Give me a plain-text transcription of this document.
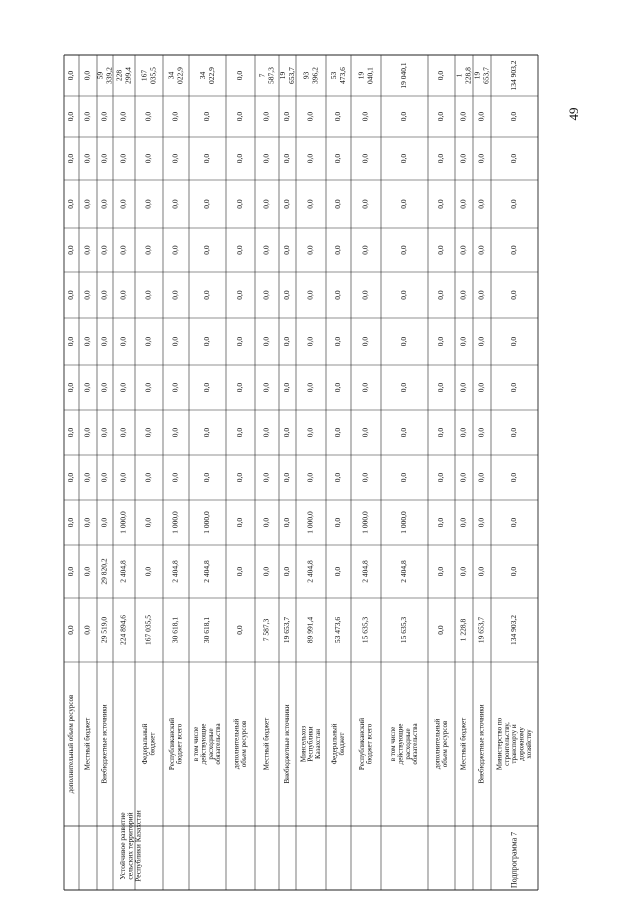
49
0,0
0,0
0,0
0,0
0,0
0,0
0,0
0,0
0,0
0,0
0,0
0,0
0,0
дополнительный объем ресурсов
0,0
0,0
0,0
0,0
0,0
0,0
0,0
0,0
0,0
0,0
0,0
0,0
0,0
Местный бюджет
59 339,2
29 519,0
29 820,2
0,0
0,0
0,0
0,0
0,0
0,0
0,0
0,0
0,0
0,0
Внебюджетные источники
228 299,4
224 894,6
2 404,8
1 000,0
0,0
0,0
0,0
0,0
0,0
0,0
0,0
0,0
0,0
167 035,5
167 035,5
0,0
0,0
0,0
0,0
0,0
0,0
0,0
0,0
0,0
0,0
0,0
Федеральный бюджет
34 022,9
30 618,1
2 404,8
1 000,0
0,0
0,0
0,0
0,0
0,0
0,0
0,0
0,0
0,0
Республиканский бюджет всего
34 022,9
30 618,1
2 404,8
1 000,0
0,0
0,0
0,0
0,0
0,0
0,0
0,0
0,0
0,0
в том числе действующие расходные обязательства
0,0
0,0
0,0
0,0
0,0
0,0
0,0
0,0
0,0
0,0
0,0
0,0
0,0
дополнительный объем ресурсов
7 587,3
7 587,3
0,0
0,0
0,0
0,0
0,0
0,0
0,0
0,0
0,0
0,0
0,0
Местный бюджет
19 653,7
19 653,7
0,0
0,0
0,0
0,0
0,0
0,0
0,0
0,0
0,0
0,0
0,0
Внебюджетные источники
93 396,2
89 991,4
2 404,8
1 000,0
0,0
0,0
0,0
0,0
0,0
0,0
0,0
0,0
0,0
Минсельхоз Республики Казахстан
53 473,6
53 473,6
0,0
0,0
0,0
0,0
0,0
0,0
0,0
0,0
0,0
0,0
0,0
Федеральный бюджет
19 040,1
15 635,3
2 404,8
1 000,0
0,0
0,0
0,0
0,0
0,0
0,0
0,0
0,0
0,0
Республиканский бюджет всего
19 040,1
15 635,3
2 404,8
1 000,0
0,0
0,0
0,0
0,0
0,0
0,0
0,0
0,0
0,0
в том числе действующие расходные обязательства
0,0
0,0
0,0
0,0
0,0
0,0
0,0
0,0
0,0
0,0
0,0
0,0
0,0
дополнительный объем ресурсов
1 228,8
1 228,8
0,0
0,0
0,0
0,0
0,0
0,0
0,0
0,0
0,0
0,0
0,0
Местный бюджет
19 653,7
19 653,7
0,0
0,0
0,0
0,0
0,0
0,0
0,0
0,0
0,0
0,0
0,0
Внебюджетные источники
134 903,2
134 903,2
0,0
0,0
0,0
0,0
0,0
0,0
0,0
0,0
0,0
0,0
0,0
Устойчивое развитие
сельских территорий
Республики Казахстан	Подпрограмма 7
Министерство по строительству, транспорту и дорожному хозяйству
